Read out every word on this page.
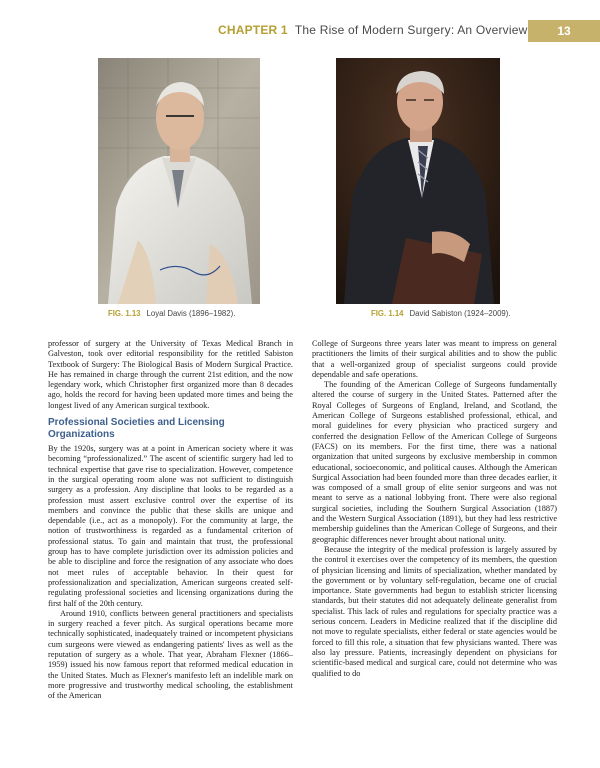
CHAPTER 1 The Rise of Modern Surgery: An Overview	13
FIG. 1.13 Loyal Davis (1896–1982).	FIG. 1.14 David Sabiston (1924–2009).

professor of surgery at the University of Texas Medical Branch in Galveston, took over editorial responsibility for the retitled Sabiston Textbook of Surgery: The Biological Basis of Modern Surgical Practice. He has remained in charge through the current 21st edition, and the now legendary work, which Christopher first organized more than 8 decades ago, holds the record for having been updated more times and being the longest lived of any American surgical textbook.

Professional Societies and Licensing Organizations

By the 1920s, surgery was at a point in American society where it was becoming “professionalized.” The ascent of scientific surgery had led to technical expertise that gave rise to specialization. However, competence in the surgical operating room alone was not sufficient to distinguish surgery as a profession. Any discipline that looks to be regarded as a profession must assert exclusive control over the expertise of its members and convince the public that these skills are unique and dependable (i.e., act as a monopoly). For the community at large, the notion of trustworthiness is regarded as a fundamental criterion of professional status. To gain and maintain that trust, the professional group has to have complete jurisdiction over its admission policies and be able to discipline and force the resignation of any associate who does not meet rules of acceptable behavior. In their quest for professionalization and specialization, American surgeons created self-regulating professional societies and licensing organizations during the first half of the 20th century.

Around 1910, conflicts between general practitioners and specialists in surgery reached a fever pitch. As surgical operations became more technically sophisticated, inadequately trained or incompetent physicians cum surgeons were viewed as endangering patients' lives as well as the reputation of surgery as a whole. That year, Abraham Flexner (1866–1959) issued his now famous report that reformed medical education in the United States. Much as Flexner's manifesto left an indelible mark on more progressive and trustworthy medical schooling, the establishment of the American

College of Surgeons three years later was meant to impress on general practitioners the limits of their surgical abilities and to show the public that a well-organized group of specialist surgeons could provide dependable and safe operations.

The founding of the American College of Surgeons fundamentally altered the course of surgery in the United States. Patterned after the Royal Colleges of Surgeons of England, Ireland, and Scotland, the American College of Surgeons established professional, ethical, and moral guidelines for every physician who practiced surgery and conferred the designation Fellow of the American College of Surgeons (FACS) on its members. For the first time, there was a national organization that united surgeons by exclusive membership in common educational, socioeconomic, and political causes. Although the American Surgical Association had been founded more than three decades earlier, it was composed of a small group of elite senior surgeons and was not meant to serve as a national lobbying front. There were also regional surgical societies, including the Southern Surgical Association (1887) and the Western Surgical Association (1891), but they had less restrictive membership guidelines than the American College of Surgeons, and their geographic differences never brought about national unity.

Because the integrity of the medical profession is largely assured by the control it exercises over the competency of its members, the question of physician licensing and limits of specialization, whether mandated by the government or by voluntary self-regulation, became one of crucial importance. State governments had begun to establish stricter licensing standards, but their statutes did not adequately delineate generalist from specialist. This lack of rules and regulations for specialty practice was a serious concern. Leaders in Medicine realized that if the discipline did not move to regulate specialists, either federal or state agencies would be forced to fill this role, a situation that few physicians wanted. There was also lay pressure. Patients, increasingly dependent on physicians for scientific-based medical and surgical care, could not determine who was qualified to do
